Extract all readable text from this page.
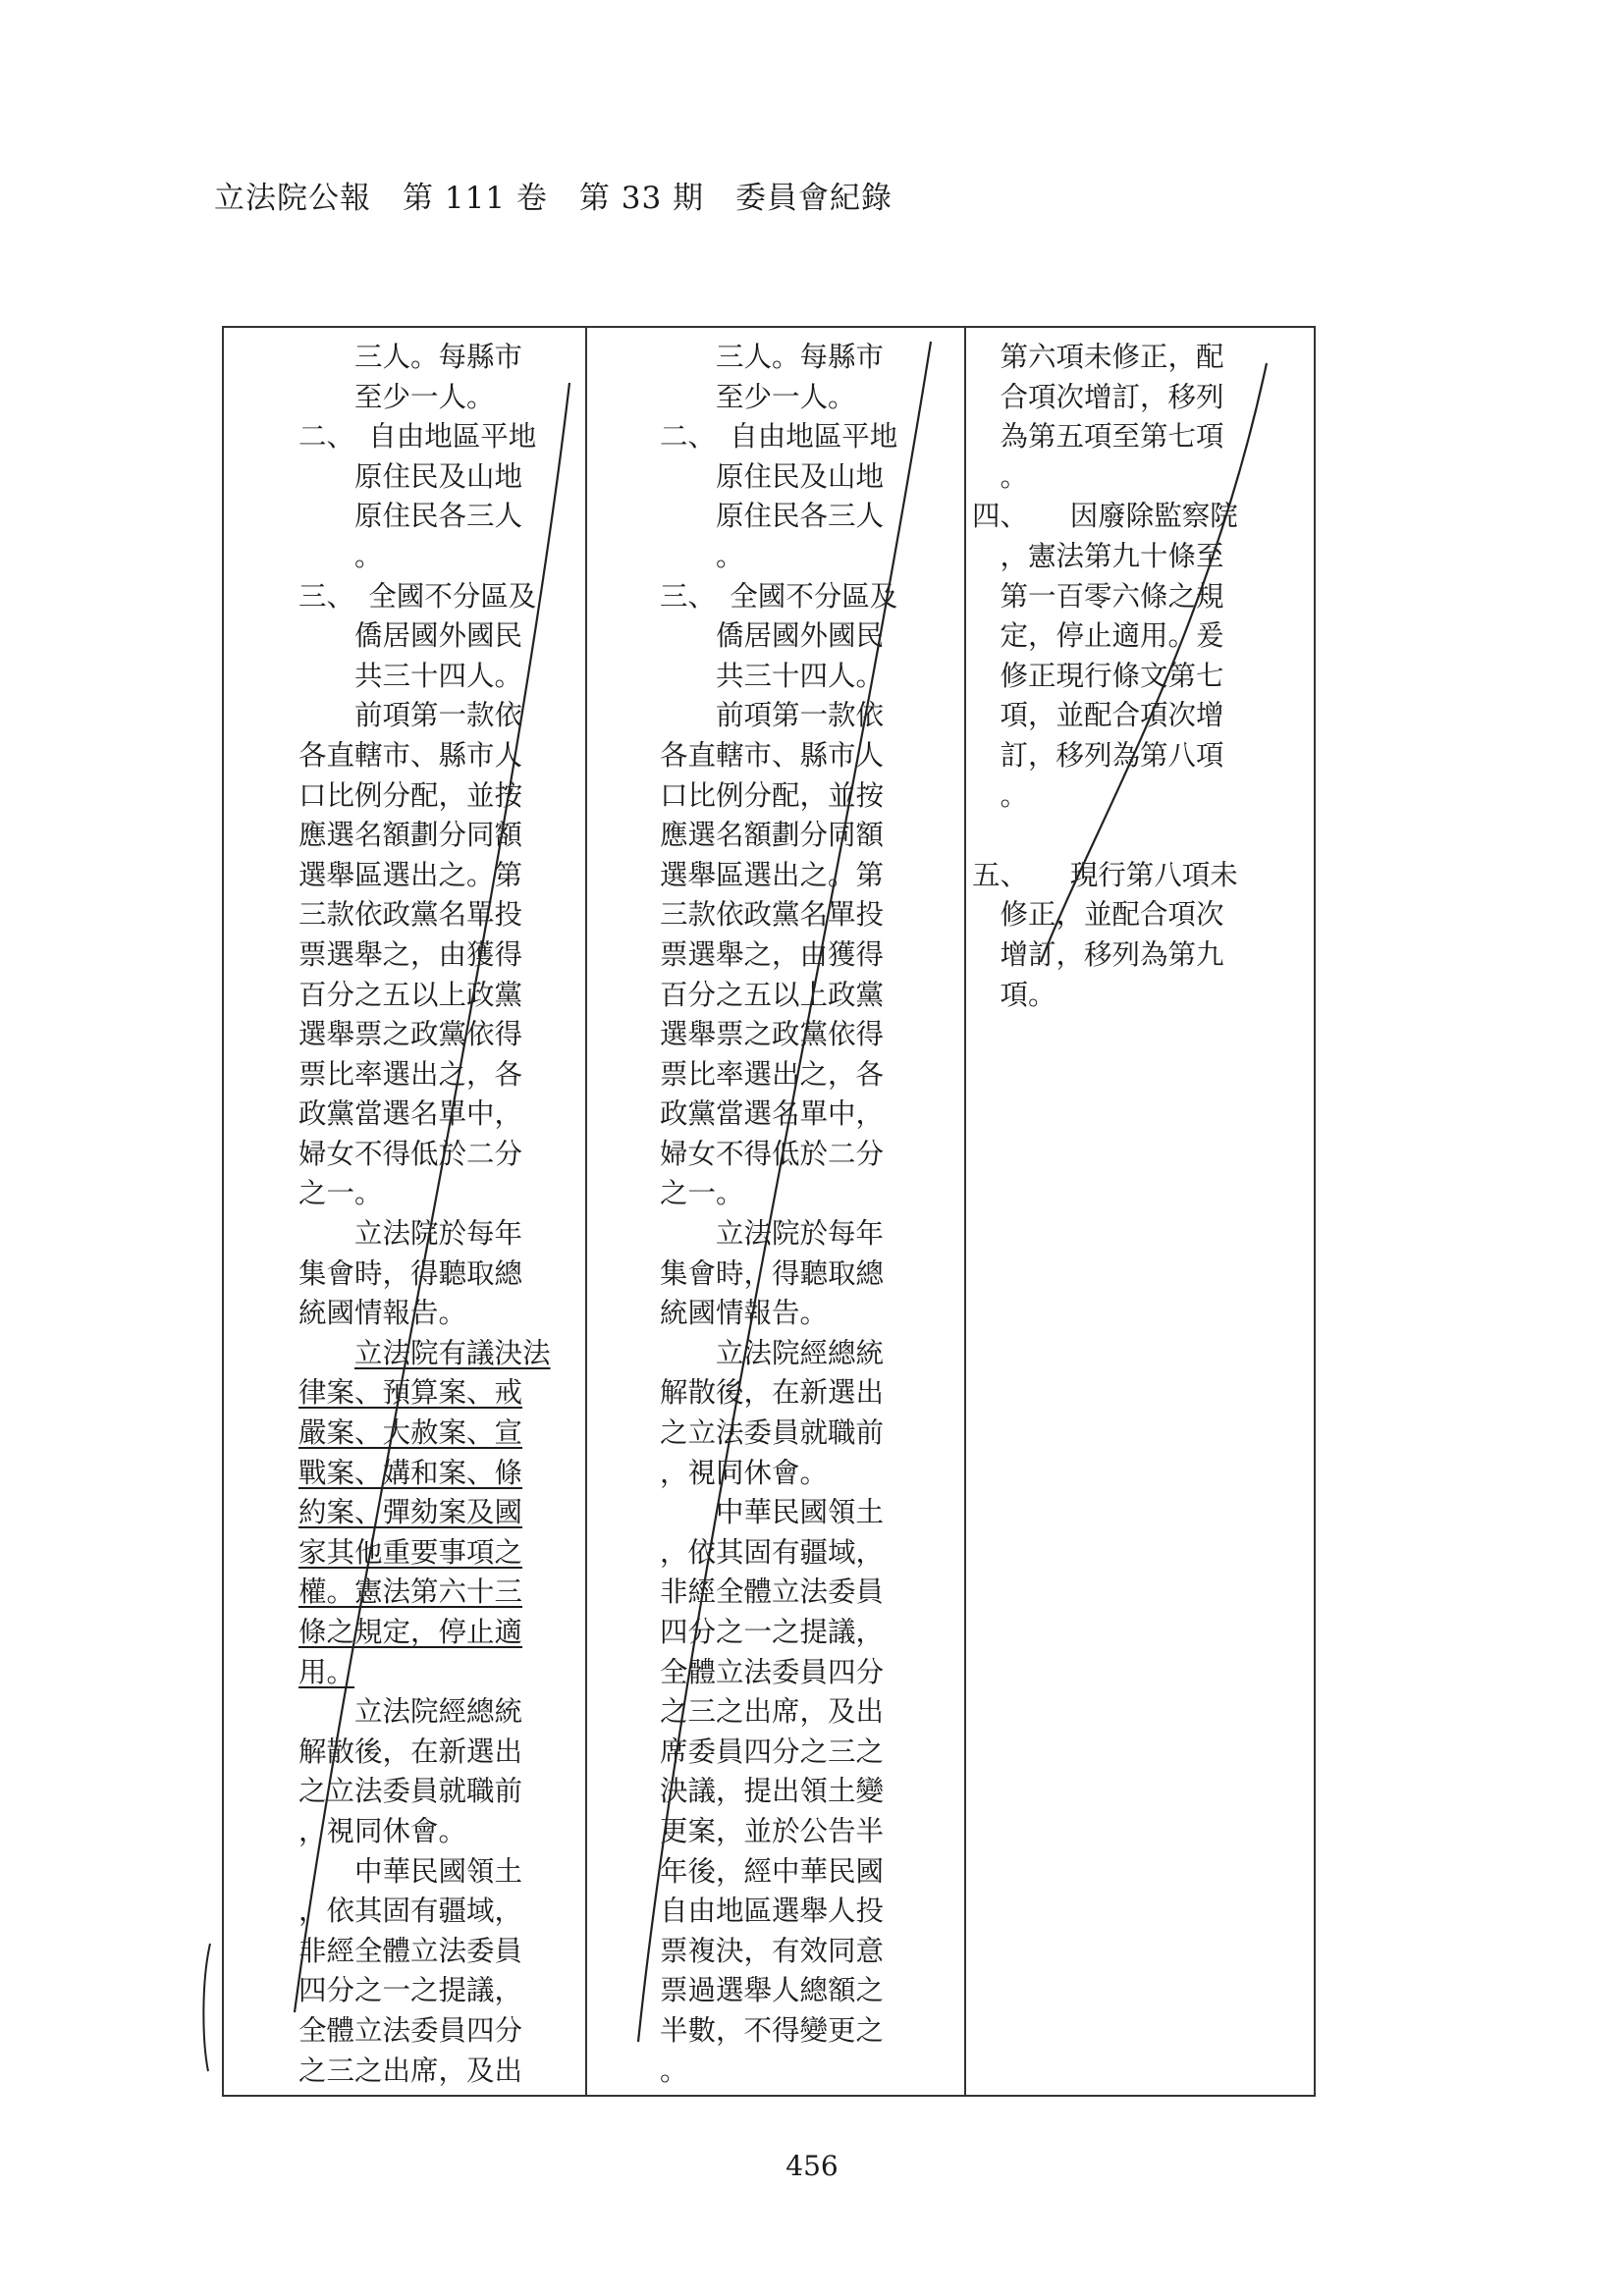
立法院公報　第 111 卷　第 33 期　委員會紀錄
　　三人。每縣市
　　至少一人。
二、　自由地區平地
　　原住民及山地
　　原住民各三人
　　。
三、　全國不分區及
　　僑居國外國民
　　共三十四人。
　　前項第一款依
各直轄市、縣市人
口比例分配，並按
應選名額劃分同額
選舉區選出之。第
三款依政黨名單投
票選舉之，由獲得
百分之五以上政黨
選舉票之政黨依得
票比率選出之，各
政黨當選名單中，
婦女不得低於二分
之一。
　　立法院於每年
集會時，得聽取總
統國情報告。
　　立法院有議決法
律案、預算案、戒
嚴案、大赦案、宣
戰案、媾和案、條
約案、彈劾案及國
家其他重要事項之
權。憲法第六十三
條之規定，停止適
用。
　　立法院經總統
解散後，在新選出
之立法委員就職前
，視同休會。
　　中華民國領土
，依其固有疆域，
非經全體立法委員
四分之一之提議，
全體立法委員四分
之三之出席，及出
　　三人。每縣市
　　至少一人。
二、　自由地區平地
　　原住民及山地
　　原住民各三人
　　。
三、　全國不分區及
　　僑居國外國民
　　共三十四人。
　　前項第一款依
各直轄市、縣市人
口比例分配，並按
應選名額劃分同額
選舉區選出之。第
三款依政黨名單投
票選舉之，由獲得
百分之五以上政黨
選舉票之政黨依得
票比率選出之，各
政黨當選名單中，
婦女不得低於二分
之一。
　　立法院於每年
集會時，得聽取總
統國情報告。
　　立法院經總統
解散後，在新選出
之立法委員就職前
，視同休會。
　　中華民國領土
，依其固有疆域，
非經全體立法委員
四分之一之提議，
全體立法委員四分
之三之出席，及出
席委員四分之三之
決議，提出領土變
更案，並於公告半
年後，經中華民國
自由地區選舉人投
票複決，有效同意
票過選舉人總額之
半數，不得變更之
。
　第六項未修正，配
　合項次增訂，移列
　為第五項至第七項
　。
四、　　因廢除監察院
　，憲法第九十條至
　第一百零六條之規
　定，停止適用。爰
　修正現行條文第七
　項，並配合項次增
　訂，移列為第八項
　。
五、　　現行第八項未
　修正，並配合項次
　增訂，移列為第九
　項。
456
